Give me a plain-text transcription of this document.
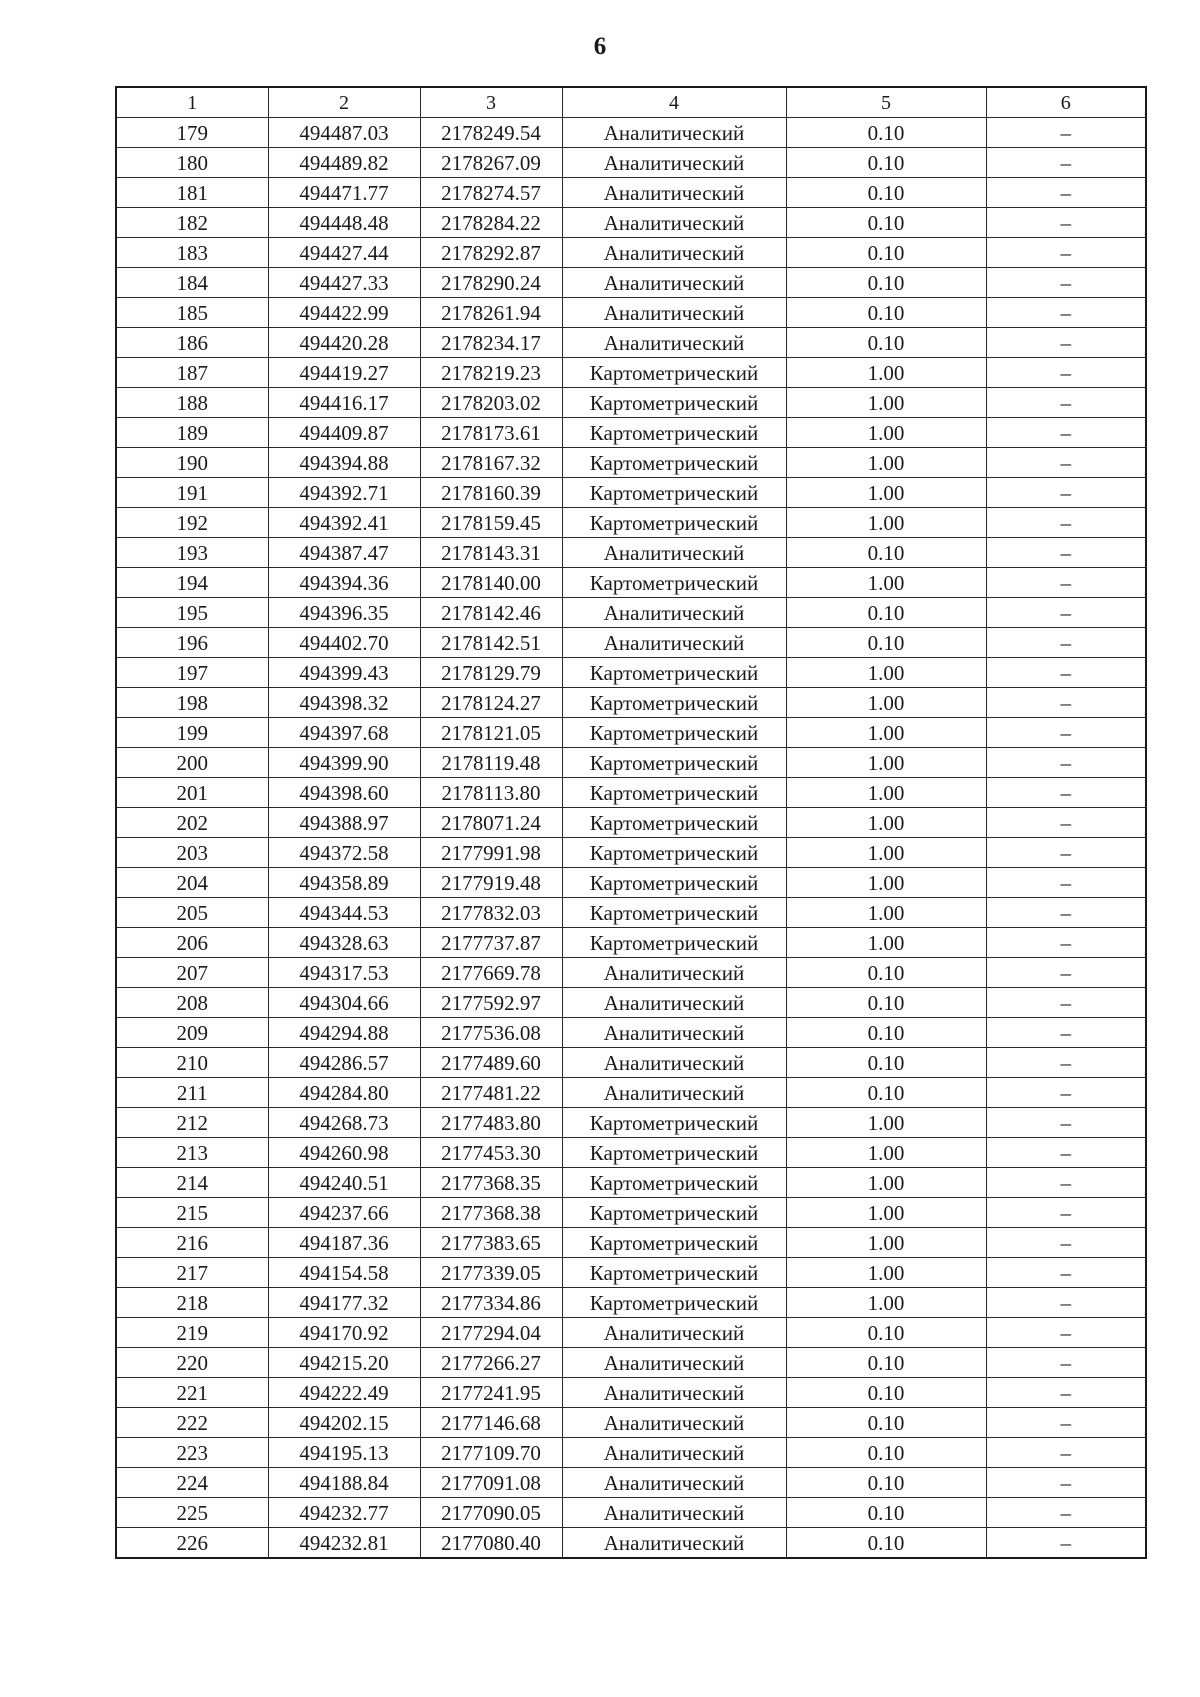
6
1	2	3	4	5	6
179	494487.03	2178249.54	Аналитический	0.10	–
180	494489.82	2178267.09	Аналитический	0.10	–
181	494471.77	2178274.57	Аналитический	0.10	–
182	494448.48	2178284.22	Аналитический	0.10	–
183	494427.44	2178292.87	Аналитический	0.10	–
184	494427.33	2178290.24	Аналитический	0.10	–
185	494422.99	2178261.94	Аналитический	0.10	–
186	494420.28	2178234.17	Аналитический	0.10	–
187	494419.27	2178219.23	Картометрический	1.00	–
188	494416.17	2178203.02	Картометрический	1.00	–
189	494409.87	2178173.61	Картометрический	1.00	–
190	494394.88	2178167.32	Картометрический	1.00	–
191	494392.71	2178160.39	Картометрический	1.00	–
192	494392.41	2178159.45	Картометрический	1.00	–
193	494387.47	2178143.31	Аналитический	0.10	–
194	494394.36	2178140.00	Картометрический	1.00	–
195	494396.35	2178142.46	Аналитический	0.10	–
196	494402.70	2178142.51	Аналитический	0.10	–
197	494399.43	2178129.79	Картометрический	1.00	–
198	494398.32	2178124.27	Картометрический	1.00	–
199	494397.68	2178121.05	Картометрический	1.00	–
200	494399.90	2178119.48	Картометрический	1.00	–
201	494398.60	2178113.80	Картометрический	1.00	–
202	494388.97	2178071.24	Картометрический	1.00	–
203	494372.58	2177991.98	Картометрический	1.00	–
204	494358.89	2177919.48	Картометрический	1.00	–
205	494344.53	2177832.03	Картометрический	1.00	–
206	494328.63	2177737.87	Картометрический	1.00	–
207	494317.53	2177669.78	Аналитический	0.10	–
208	494304.66	2177592.97	Аналитический	0.10	–
209	494294.88	2177536.08	Аналитический	0.10	–
210	494286.57	2177489.60	Аналитический	0.10	–
211	494284.80	2177481.22	Аналитический	0.10	–
212	494268.73	2177483.80	Картометрический	1.00	–
213	494260.98	2177453.30	Картометрический	1.00	–
214	494240.51	2177368.35	Картометрический	1.00	–
215	494237.66	2177368.38	Картометрический	1.00	–
216	494187.36	2177383.65	Картометрический	1.00	–
217	494154.58	2177339.05	Картометрический	1.00	–
218	494177.32	2177334.86	Картометрический	1.00	–
219	494170.92	2177294.04	Аналитический	0.10	–
220	494215.20	2177266.27	Аналитический	0.10	–
221	494222.49	2177241.95	Аналитический	0.10	–
222	494202.15	2177146.68	Аналитический	0.10	–
223	494195.13	2177109.70	Аналитический	0.10	–
224	494188.84	2177091.08	Аналитический	0.10	–
225	494232.77	2177090.05	Аналитический	0.10	–
226	494232.81	2177080.40	Аналитический	0.10	–
